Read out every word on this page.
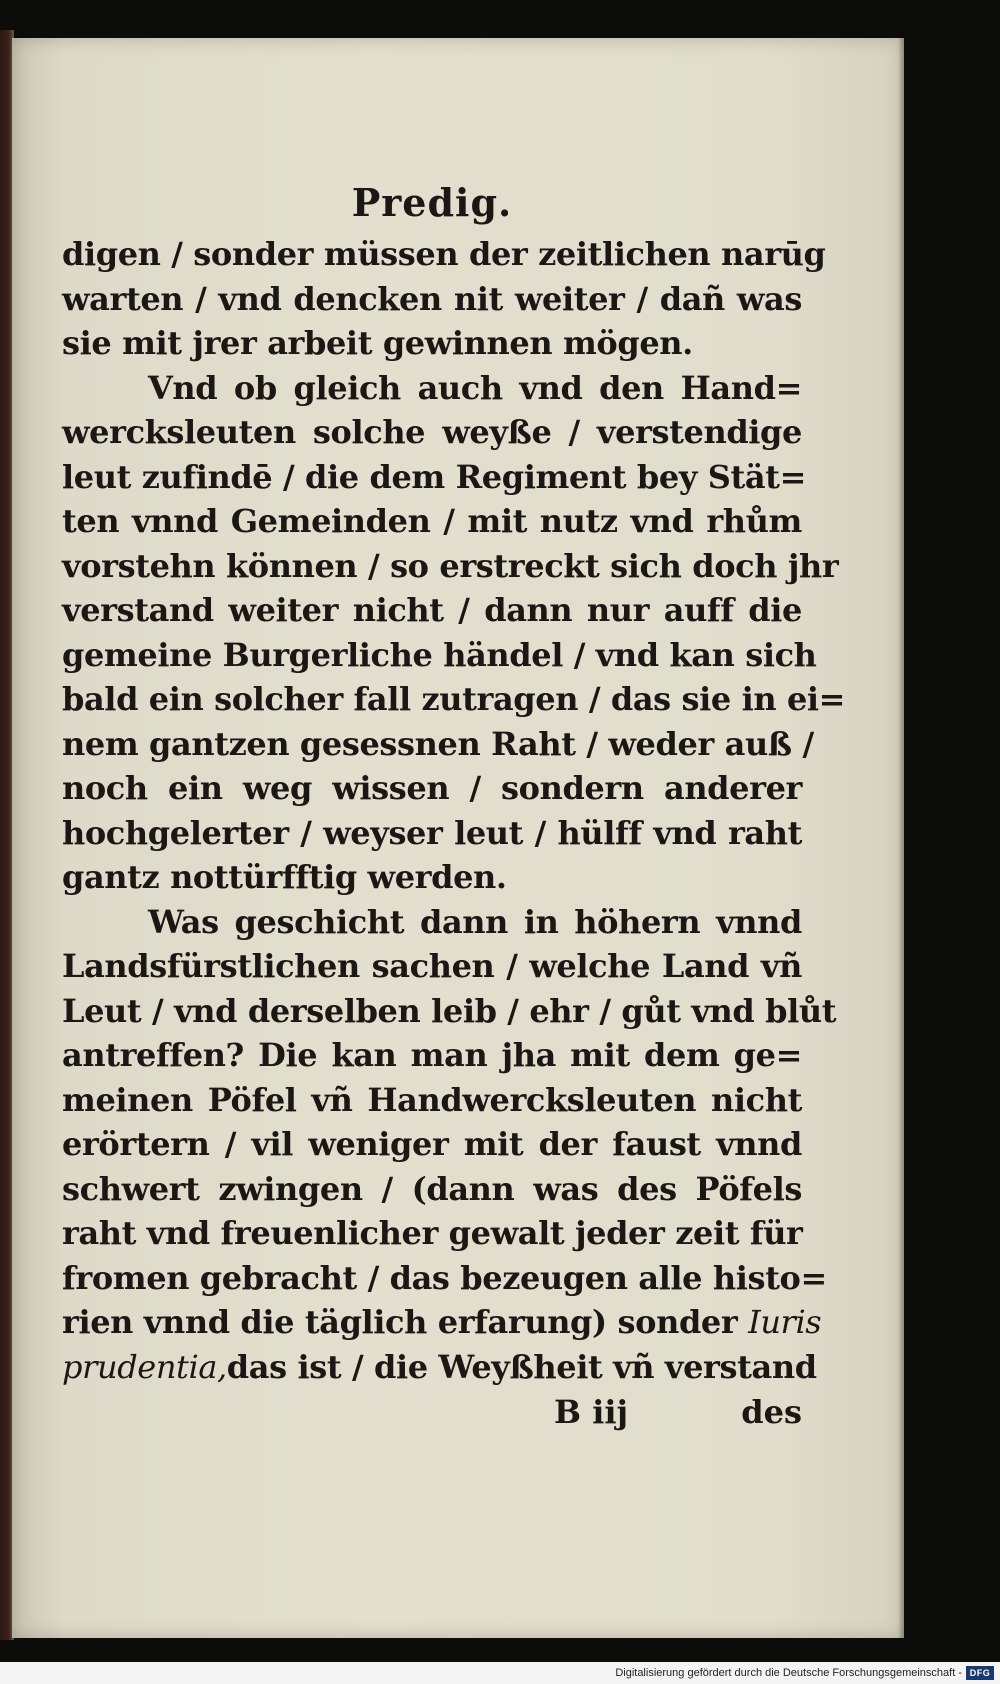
Predig.
digen / sonder müssen der zeitlichen narūg
warten / vnd dencken nit weiter / dañ was
sie mit jrer arbeit gewinnen mögen.
Vnd ob gleich auch vnd den Hand=
wercksleuten solche weyße / verstendige
leut zufindē / die dem Regiment bey Stät=
ten vnnd Gemeinden / mit nutz vnd rhům
vorstehn können / so erstreckt sich doch jhr
verstand weiter nicht / dann nur auff die
gemeine Burgerliche händel / vnd kan sich
bald ein solcher fall zutragen / das sie in ei=
nem gantzen gesessnen Raht / weder auß /
noch ein weg wissen / sondern anderer
hochgelerter / weyser leut / hülff vnd raht
gantz nottürfftig werden.
Was geschicht dann in höhern vnnd
Landsfürstlichen sachen / welche Land vñ
Leut / vnd derselben leib / ehr / gůt vnd blůt
antreffen? Die kan man jha mit dem ge=
meinen Pöfel vñ Handwercksleuten nicht
erörtern / vil weniger mit der faust vnnd
schwert zwingen / (dann was des Pöfels
raht vnd freuenlicher gewalt jeder zeit für
fromen gebracht / das bezeugen alle histo=
rien vnnd die täglich erfarung) sonder Iuris
prudentia,das ist / die Weyßheit vñ verstand
B iij	des
Digitalisierung gefördert durch die Deutsche Forschungsgemeinschaft - DFG
